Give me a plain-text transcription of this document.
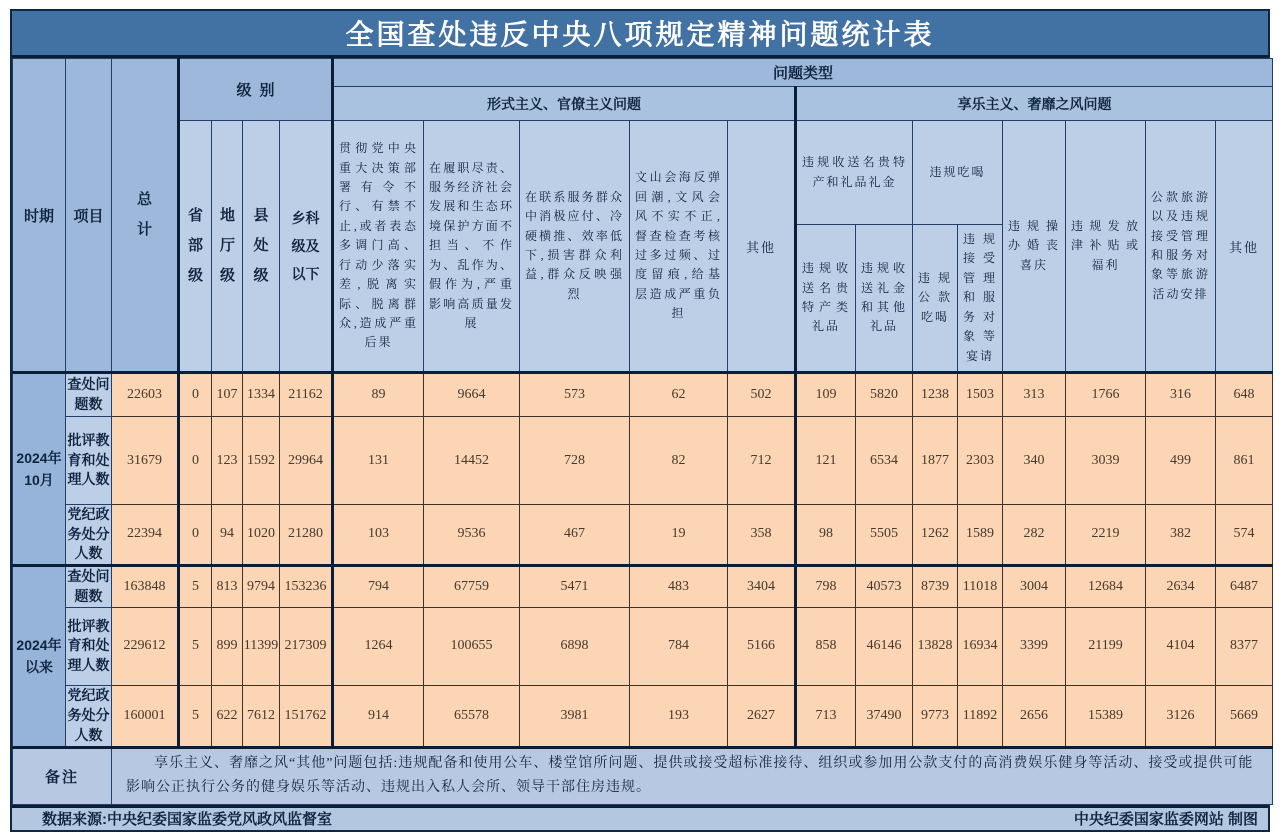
全国查处违反中央八项规定精神问题统计表
时期	项目	总计	级别				问题类型												
							形式主义、官僚主义问题					享乐主义、奢靡之风问题							
			省部级	地厅级	县处级	乡科级及以下	贯彻党中央重大决策部署有令不行、有禁不止,或者表态多调门高、行动少落实差,脱离实际、脱离群众,造成严重后果	在履职尽责、服务经济社会发展和生态环境保护方面不担当、不作为、乱作为、假作为,严重影响高质量发展	在联系服务群众中消极应付、冷硬横推、效率低下,损害群众利益,群众反映强烈	文山会海反弹回潮,文风会风不实不正,督查检查考核过多过频、过度留痕,给基层造成严重负担	其他	违规收送名贵特产和礼品礼金		违规吃喝		违规操办婚丧喜庆	违规发放津补贴或福利	公款旅游以及违规接受管理和服务对象等旅游活动安排	其他
												违规收送名贵特产类礼品	违规收送礼金和其他礼品	违规公款吃喝	违规接受管理和服务对象等宴请				
2024年10月	查处问题数	22603	0	107	1334	21162	89	9664	573	62	502	109	5820	1238	1503	313	1766	316	648
	批评教育和处理人数	31679	0	123	1592	29964	131	14452	728	82	712	121	6534	1877	2303	340	3039	499	861
	党纪政务处分人数	22394	0	94	1020	21280	103	9536	467	19	358	98	5505	1262	1589	282	2219	382	574
2024年以来	查处问题数	163848	5	813	9794	153236	794	67759	5471	483	3404	798	40573	8739	11018	3004	12684	2634	6487
	批评教育和处理人数	229612	5	899	11399	217309	1264	100655	6898	784	5166	858	46146	13828	16934	3399	21199	4104	8377
	党纪政务处分人数	160001	5	622	7612	151762	914	65578	3981	193	2627	713	37490	9773	11892	2656	15389	3126	5669
备注		享乐主义、奢靡之风“其他”问题包括:违规配备和使用公车、楼堂馆所问题、提供或接受超标准接待、组织或参加用公款支付的高消费娱乐健身等活动、接受或提供可能影响公正执行公务的健身娱乐等活动、违规出入私人会所、领导干部住房违规。																	
数据来源:中央纪委国家监委党风政风监督室	中央纪委国家监委网站 制图
